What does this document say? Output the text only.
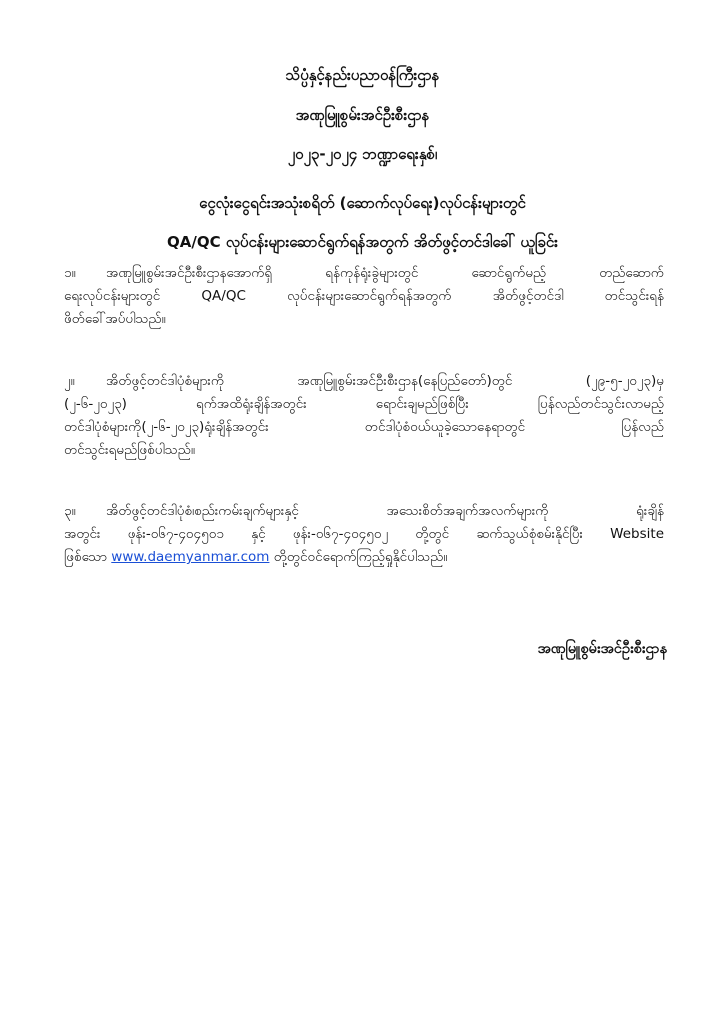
သိပ္ပံနှင့်နည်းပညာဝန်ကြီးဌာန
အဏုမြူစွမ်းအင်ဦးစီးဌာန
၂၀၂၃-၂၀၂၄ ဘဏ္ဍာရေးနှစ်၊
ငွေလုံးငွေရင်းအသုံးစရိတ် (ဆောက်လုပ်ရေး)လုပ်ငန်းများတွင်
QA/QC လုပ်ငန်းများဆောင်ရွက်ရန်အတွက် အိတ်ဖွင့်တင်ဒါခေါ် ယူခြင်း
၁။ အဏုမြူစွမ်းအင်ဦးစီးဌာနအောက်ရှိ ရန်ကုန်ရုံးခွဲများတွင် ဆောင်ရွက်မည့် တည်ဆောက်
ရေးလုပ်ငန်းများတွင် QA/QC လုပ်ငန်းများဆောင်ရွက်ရန်အတွက် အိတ်ဖွင့်တင်ဒါ တင်သွင်းရန်
ဖိတ်ခေါ်အပ်ပါသည်။
၂။ အိတ်ဖွင့်တင်ဒါပုံစံများကို အဏုမြူစွမ်းအင်ဦးစီးဌာန(နေပြည်တော်)တွင် (၂၉-၅-၂၀၂၃)မှ
(၂-၆-၂၀၂၃) ရက်အထိရုံးချိန်အတွင်း ရောင်းချမည်ဖြစ်ပြီး ပြန်လည်တင်သွင်းလာမည့်
တင်ဒါပုံစံများကို(၂-၆-၂၀၂၃)ရုံးချိန်အတွင်း တင်ဒါပုံစံဝယ်ယူခဲ့သောနေရာတွင် ပြန်လည်
တင်သွင်းရမည်ဖြစ်ပါသည်။
၃။ အိတ်ဖွင့်တင်ဒါပုံစံ၊စည်းကမ်းချက်များနှင့် အသေးစိတ်အချက်အလက်များကို ရုံးချိန်
အတွင်း ဖုန်း-၀၆၇-၄၀၄၅၀၁ နှင့် ဖုန်း-၀၆၇-၄၀၄၅၀၂ တို့တွင် ဆက်သွယ်စုံစမ်းနိုင်ပြီး Website
ဖြစ်သော www.daemyanmar.com တို့တွင်ဝင်ရောက်ကြည့်ရှုနိုင်ပါသည်။
အဏုမြူစွမ်းအင်ဦးစီးဌာန
